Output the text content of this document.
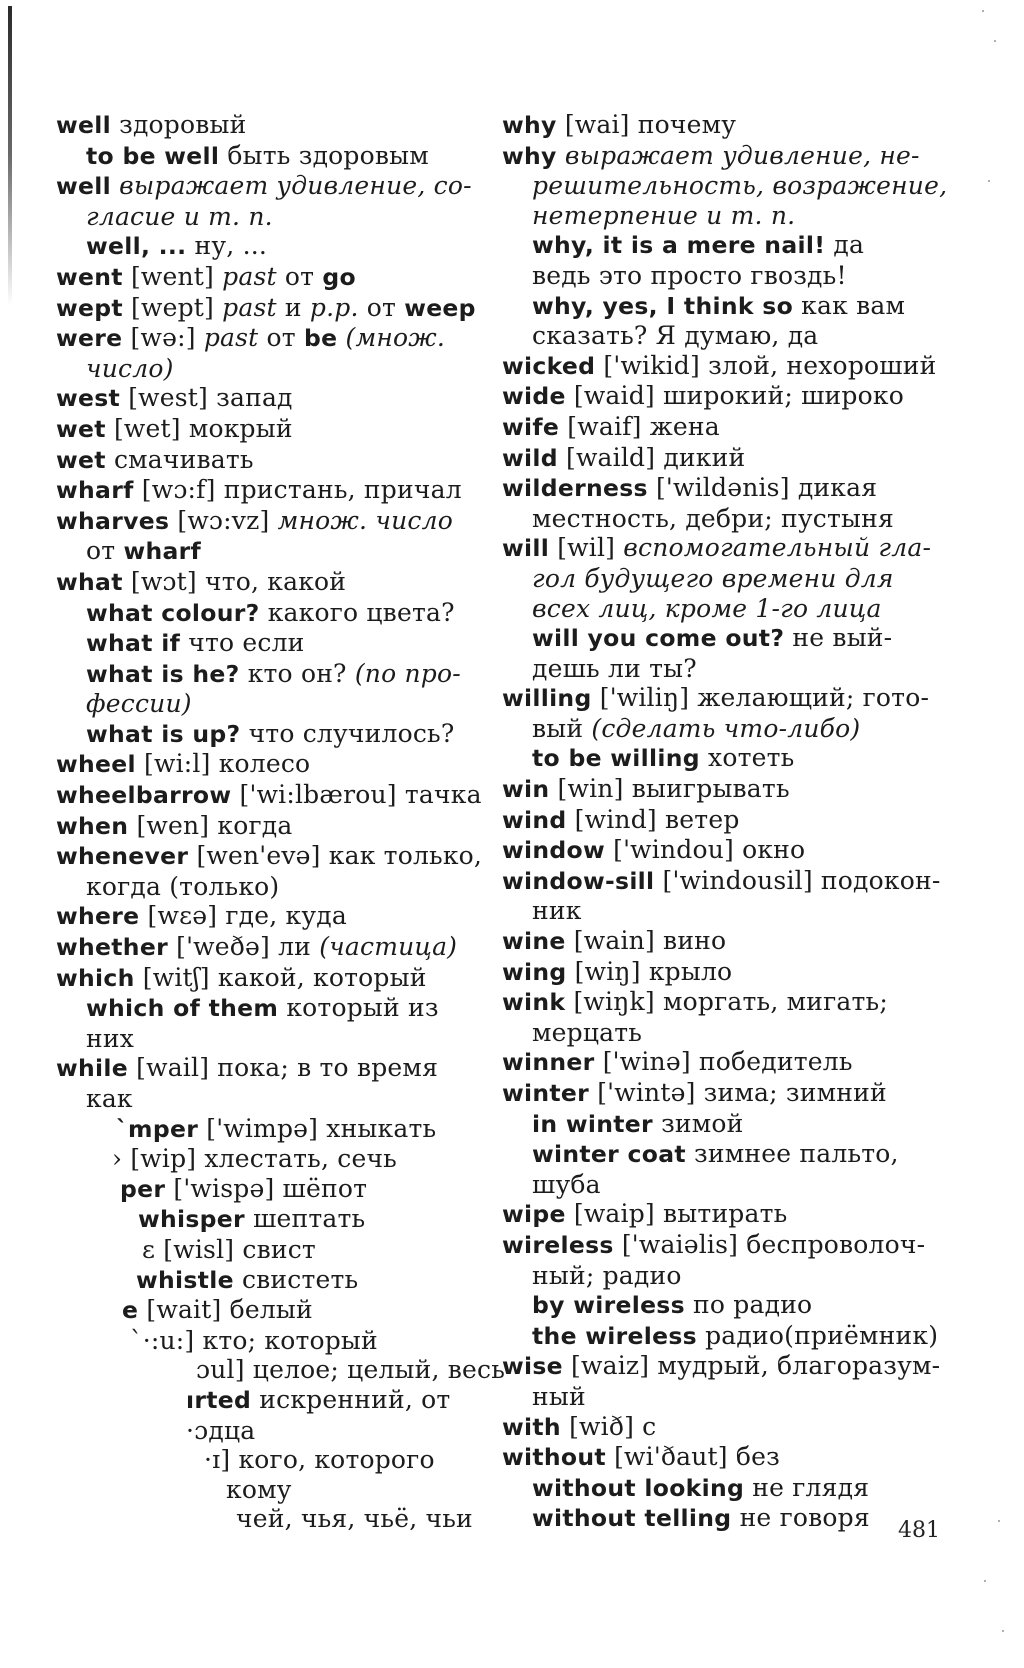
well здоровый
to be well быть здоровым
well выражает удивление, со-
гласие и т. п.
well, ... ну, ...
went [went] past от go
wept [wept] past и p.p. от weep
were [wə:] past от be (множ.
число)
west [west] запад
wet [wet] мокрый
wet смачивать
wharf [wɔ:f] пристань, причал
wharves [wɔ:vz] множ. число
от wharf
what [wɔt] что, какой
what colour? какого цвета?
what if что если
what is he? кто он? (по про-
фессии)
what is up? что случилось?
wheel [wi:l] колесо
wheelbarrow ['wi:lbærou] тачка
when [wen] когда
whenever [wen'evə] как только,
когда (только)
where [wɛə] где, куда
whether ['weðə] ли (частица)
which [witʃ] какой, который
which of them который из
них
while [wail] пока; в то время
как
`mper ['wimpə] хныкать
› [wip] хлестать, сечь
per ['wispə] шёпот
whisper шептать
ɛ [wisl] свист
whistle свистеть
e [wait] белый
`·:u:] кто; который
ɔul] целое; целый, весь
ırted искренний, от
·ɔдца
·ɪ] кого, которого
кому
чей, чья, чьё, чьи
why [wai] почему
why выражает удивление, не-
решительность, возражение,
нетерпение и т. п.
why, it is a mere nail! да
ведь это просто гвоздь!
why, yes, I think so как вам
сказать? Я думаю, да
wicked ['wikid] злой, нехороший
wide [waid] широкий; широко
wife [waif] жена
wild [waild] дикий
wilderness ['wildənis] дикая
местность, дебри; пустыня
will [wil] вспомогательный гла-
гол будущего времени для
всех лиц, кроме 1-го лица
will you come out? не вый-
дешь ли ты?
willing ['wiliŋ] желающий; гото-
вый (сделать что-либо)
to be willing хотеть
win [win] выигрывать
wind [wind] ветер
window ['windou] окно
window-sill ['windousil] подокон-
ник
wine [wain] вино
wing [wiŋ] крыло
wink [wiŋk] моргать, мигать;
мерцать
winner ['winə] победитель
winter ['wintə] зима; зимний
in winter зимой
winter coat зимнее пальто,
шуба
wipe [waip] вытирать
wireless ['waiəlis] беспроволоч-
ный; радио
by wireless по радио
the wireless радио(приёмник)
wise [waiz] мудрый, благоразум-
ный
with [wið] с
without [wi'ðaut] без
without looking не глядя
without telling не говоря	481
